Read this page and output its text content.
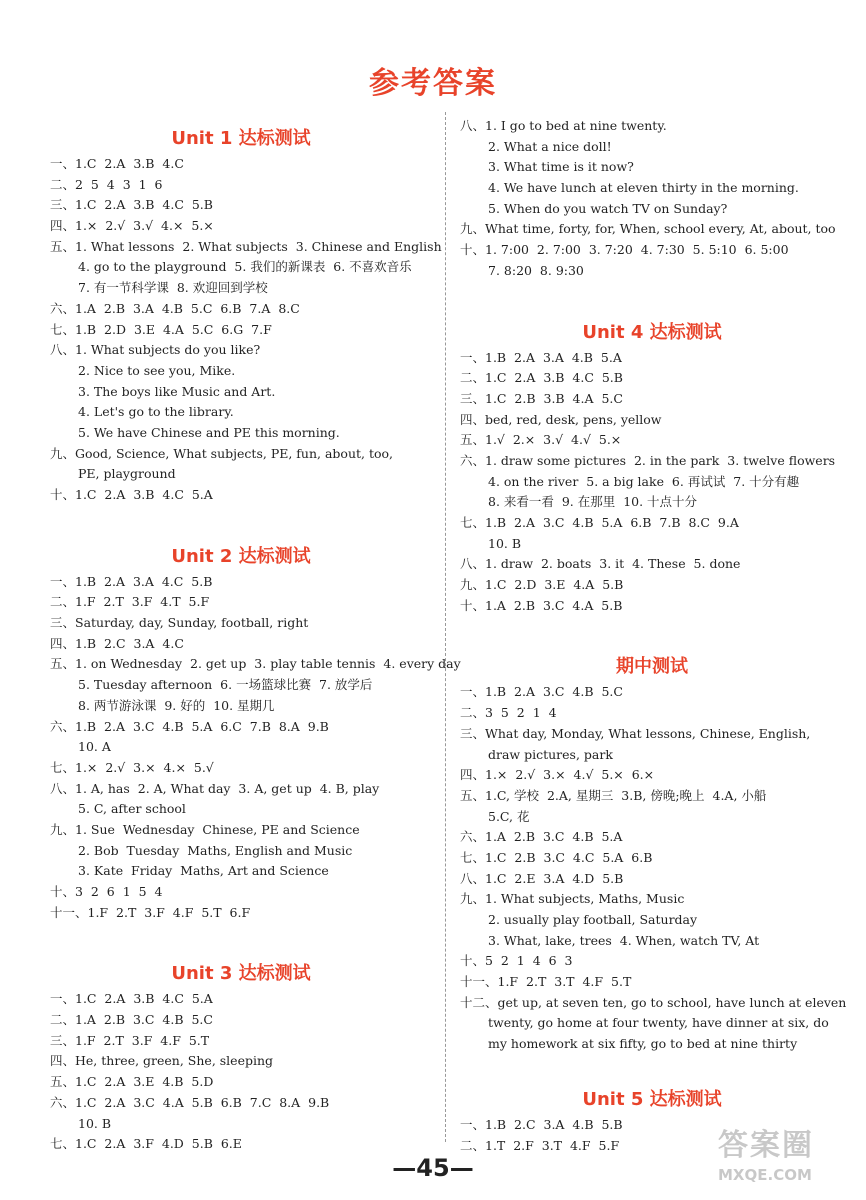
参考答案
Unit 1 达标测试
一、1.C  2.A  3.B  4.C
二、2  5  4  3  1  6
三、1.C  2.A  3.B  4.C  5.B
四、1.×  2.√  3.√  4.×  5.×
五、1. What lessons  2. What subjects  3. Chinese and English
4. go to the playground  5. 我们的新课表  6. 不喜欢音乐
7. 有一节科学课  8. 欢迎回到学校
六、1.A  2.B  3.A  4.B  5.C  6.B  7.A  8.C
七、1.B  2.D  3.E  4.A  5.C  6.G  7.F
八、1. What subjects do you like?
2. Nice to see you, Mike.
3. The boys like Music and Art.
4. Let's go to the library.
5. We have Chinese and PE this morning.
九、Good, Science, What subjects, PE, fun, about, too,
PE, playground
十、1.C  2.A  3.B  4.C  5.A
Unit 2 达标测试
一、1.B  2.A  3.A  4.C  5.B
二、1.F  2.T  3.F  4.T  5.F
三、Saturday, day, Sunday, football, right
四、1.B  2.C  3.A  4.C
五、1. on Wednesday  2. get up  3. play table tennis  4. every day
5. Tuesday afternoon  6. 一场篮球比赛  7. 放学后
8. 两节游泳课  9. 好的  10. 星期几
六、1.B  2.A  3.C  4.B  5.A  6.C  7.B  8.A  9.B
10. A
七、1.×  2.√  3.×  4.×  5.√
八、1. A, has  2. A, What day  3. A, get up  4. B, play
5. C, after school
九、1. Sue  Wednesday  Chinese, PE and Science
2. Bob  Tuesday  Maths, English and Music
3. Kate  Friday  Maths, Art and Science
十、3  2  6  1  5  4
十一、1.F  2.T  3.F  4.F  5.T  6.F
Unit 3 达标测试
一、1.C  2.A  3.B  4.C  5.A
二、1.A  2.B  3.C  4.B  5.C
三、1.F  2.T  3.F  4.F  5.T
四、He, three, green, She, sleeping
五、1.C  2.A  3.E  4.B  5.D
六、1.C  2.A  3.C  4.A  5.B  6.B  7.C  8.A  9.B
10. B
七、1.C  2.A  3.F  4.D  5.B  6.E
八、1. I go to bed at nine twenty.
2. What a nice doll!
3. What time is it now?
4. We have lunch at eleven thirty in the morning.
5. When do you watch TV on Sunday?
九、What time, forty, for, When, school every, At, about, too
十、1. 7:00  2. 7:00  3. 7:20  4. 7:30  5. 5:10  6. 5:00
7. 8:20  8. 9:30
Unit 4 达标测试
一、1.B  2.A  3.A  4.B  5.A
二、1.C  2.A  3.B  4.C  5.B
三、1.C  2.B  3.B  4.A  5.C
四、bed, red, desk, pens, yellow
五、1.√  2.×  3.√  4.√  5.×
六、1. draw some pictures  2. in the park  3. twelve flowers
4. on the river  5. a big lake  6. 再试试  7. 十分有趣
8. 来看一看  9. 在那里  10. 十点十分
七、1.B  2.A  3.C  4.B  5.A  6.B  7.B  8.C  9.A
10. B
八、1. draw  2. boats  3. it  4. These  5. done
九、1.C  2.D  3.E  4.A  5.B
十、1.A  2.B  3.C  4.A  5.B
期中测试
一、1.B  2.A  3.C  4.B  5.C
二、3  5  2  1  4
三、What day, Monday, What lessons, Chinese, English,
draw pictures, park
四、1.×  2.√  3.×  4.√  5.×  6.×
五、1.C, 学校  2.A, 星期三  3.B, 傍晚;晚上  4.A, 小船
5.C, 花
六、1.A  2.B  3.C  4.B  5.A
七、1.C  2.B  3.C  4.C  5.A  6.B
八、1.C  2.E  3.A  4.D  5.B
九、1. What subjects, Maths, Music
2. usually play football, Saturday
3. What, lake, trees  4. When, watch TV, At
十、5  2  1  4  6  3
十一、1.F  2.T  3.T  4.F  5.T
十二、get up, at seven ten, go to school, have lunch at eleven
twenty, go home at four twenty, have dinner at six, do
my homework at six fifty, go to bed at nine thirty
Unit 5 达标测试
一、1.B  2.C  3.A  4.B  5.B
二、1.T  2.F  3.T  4.F  5.F
—45—
答案圈
MXQE.COM
